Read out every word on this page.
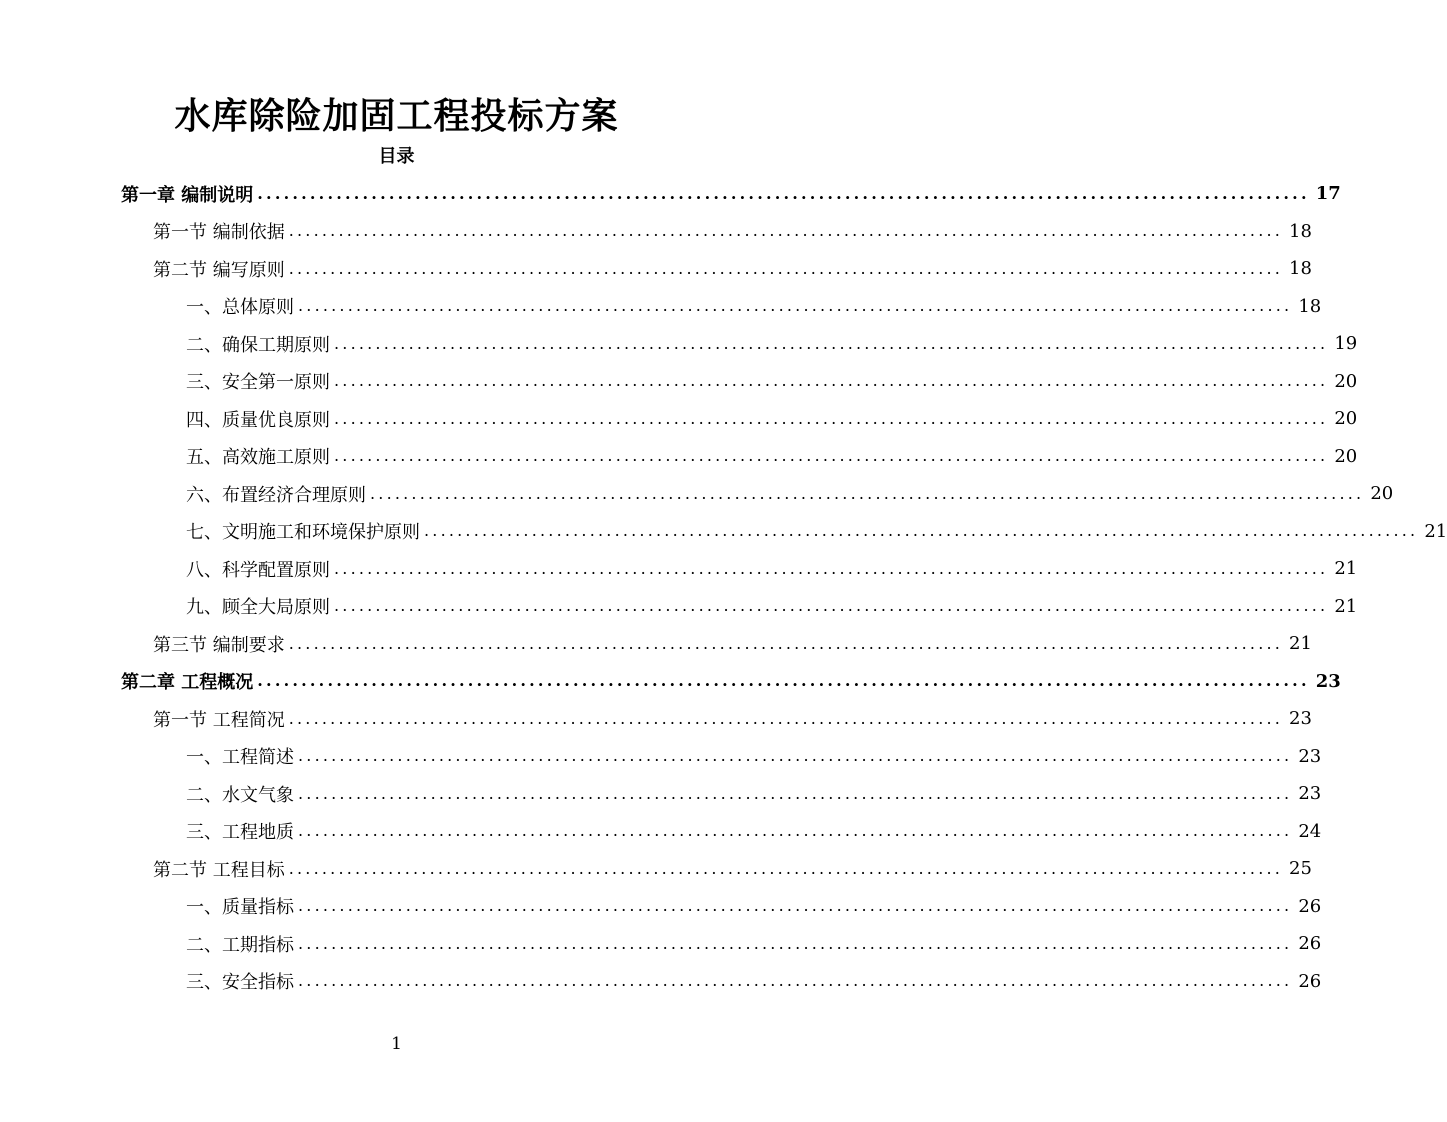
水库除险加固工程投标方案
目录
第一章 编制说明 ........................................................................................................................ 17
第一节 编制依据 ........................................................................................................................ 18
第二节 编写原则 ........................................................................................................................ 18
一、总体原则 ........................................................................................................................ 18
二、确保工期原则 ........................................................................................................................ 19
三、安全第一原则 ........................................................................................................................ 20
四、质量优良原则 ........................................................................................................................ 20
五、高效施工原则 ........................................................................................................................ 20
六、布置经济合理原则 ........................................................................................................................ 20
七、文明施工和环境保护原则 ........................................................................................................................ 21
八、科学配置原则 ........................................................................................................................ 21
九、顾全大局原则 ........................................................................................................................ 21
第三节 编制要求 ........................................................................................................................ 21
第二章 工程概况 ........................................................................................................................ 23
第一节 工程简况 ........................................................................................................................ 23
一、工程简述 ........................................................................................................................ 23
二、水文气象 ........................................................................................................................ 23
三、工程地质 ........................................................................................................................ 24
第二节 工程目标 ........................................................................................................................ 25
一、质量指标 ........................................................................................................................ 26
二、工期指标 ........................................................................................................................ 26
三、安全指标 ........................................................................................................................ 26
1
